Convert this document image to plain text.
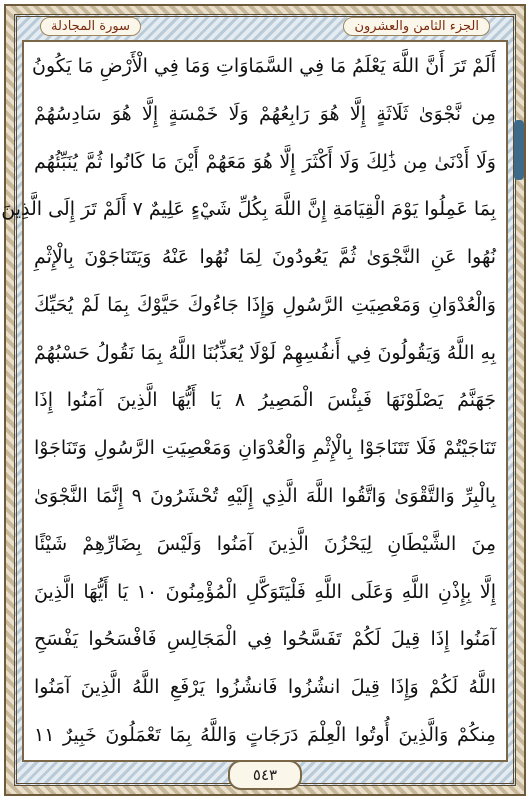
سورة المجادلة	الجزء الثامن والعشرون
أَلَمْ تَرَ أَنَّ اللَّهَ يَعْلَمُ مَا فِي السَّمَاوَاتِ وَمَا فِي الْأَرْضِ مَا يَكُونُ
مِن نَّجْوَىٰ ثَلَاثَةٍ إِلَّا هُوَ رَابِعُهُمْ وَلَا خَمْسَةٍ إِلَّا هُوَ سَادِسُهُمْ
وَلَا أَدْنَىٰ مِن ذَٰلِكَ وَلَا أَكْثَرَ إِلَّا هُوَ مَعَهُمْ أَيْنَ مَا كَانُوا ثُمَّ يُنَبِّئُهُم
بِمَا عَمِلُوا يَوْمَ الْقِيَامَةِ إِنَّ اللَّهَ بِكُلِّ شَيْءٍ عَلِيمٌ ٧ أَلَمْ تَرَ إِلَى الَّذِينَ
نُهُوا عَنِ النَّجْوَىٰ ثُمَّ يَعُودُونَ لِمَا نُهُوا عَنْهُ وَيَتَنَاجَوْنَ بِالْإِثْمِ
وَالْعُدْوَانِ وَمَعْصِيَتِ الرَّسُولِ وَإِذَا جَاءُوكَ حَيَّوْكَ بِمَا لَمْ يُحَيِّكَ
بِهِ اللَّهُ وَيَقُولُونَ فِي أَنفُسِهِمْ لَوْلَا يُعَذِّبُنَا اللَّهُ بِمَا نَقُولُ حَسْبُهُمْ
جَهَنَّمُ يَصْلَوْنَهَا فَبِئْسَ الْمَصِيرُ ٨ يَا أَيُّهَا الَّذِينَ آمَنُوا إِذَا
تَنَاجَيْتُمْ فَلَا تَتَنَاجَوْا بِالْإِثْمِ وَالْعُدْوَانِ وَمَعْصِيَتِ الرَّسُولِ وَتَنَاجَوْا
بِالْبِرِّ وَالتَّقْوَىٰ وَاتَّقُوا اللَّهَ الَّذِي إِلَيْهِ تُحْشَرُونَ ٩ إِنَّمَا النَّجْوَىٰ
مِنَ الشَّيْطَانِ لِيَحْزُنَ الَّذِينَ آمَنُوا وَلَيْسَ بِضَارِّهِمْ شَيْئًا
إِلَّا بِإِذْنِ اللَّهِ وَعَلَى اللَّهِ فَلْيَتَوَكَّلِ الْمُؤْمِنُونَ ١٠ يَا أَيُّهَا الَّذِينَ
آمَنُوا إِذَا قِيلَ لَكُمْ تَفَسَّحُوا فِي الْمَجَالِسِ فَافْسَحُوا يَفْسَحِ
اللَّهُ لَكُمْ وَإِذَا قِيلَ انشُزُوا فَانشُزُوا يَرْفَعِ اللَّهُ الَّذِينَ آمَنُوا
مِنكُمْ وَالَّذِينَ أُوتُوا الْعِلْمَ دَرَجَاتٍ وَاللَّهُ بِمَا تَعْمَلُونَ خَبِيرٌ ١١
٥٤٣
